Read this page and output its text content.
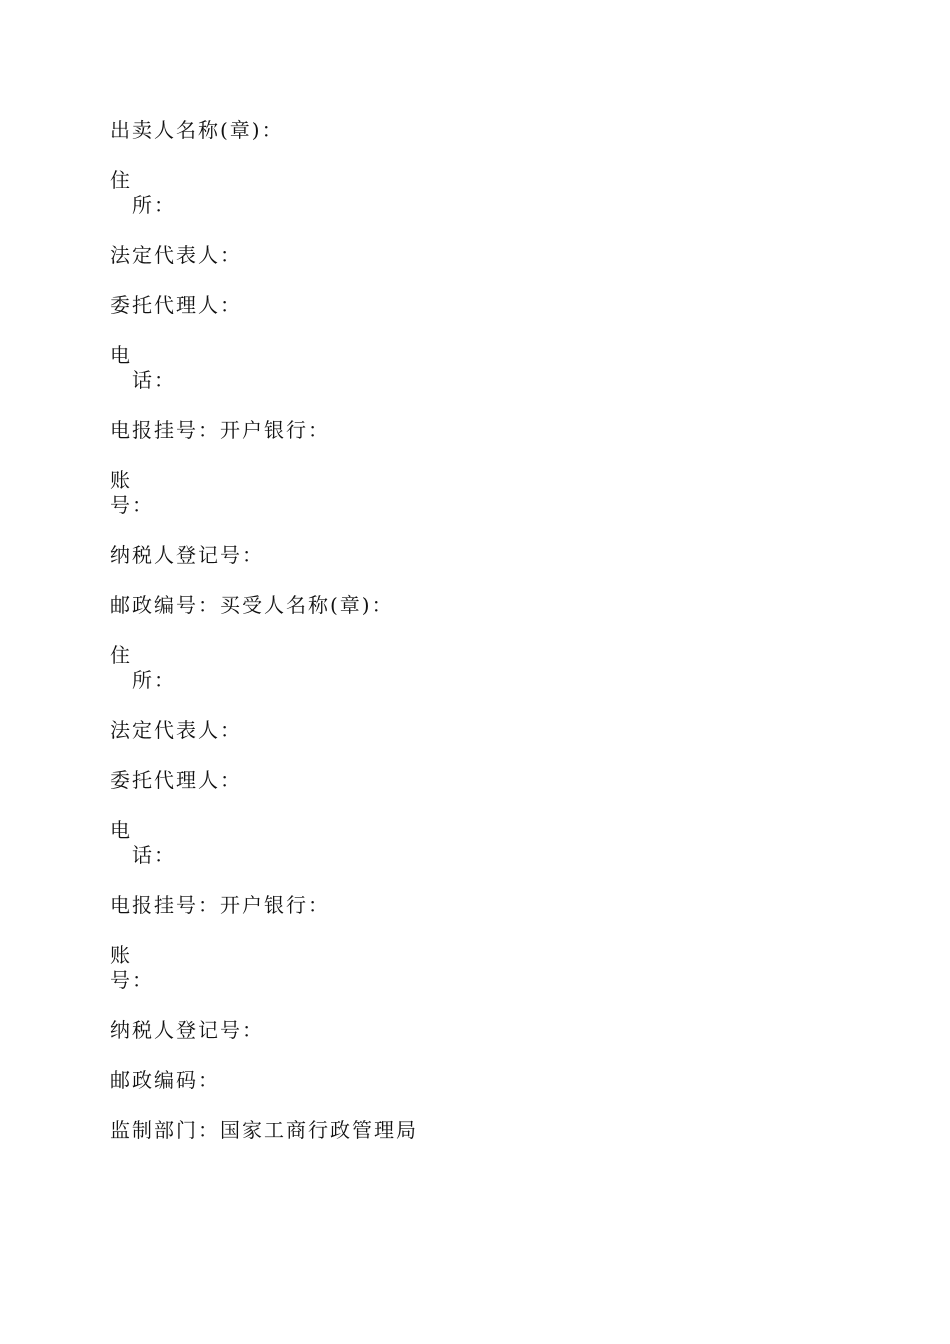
出卖人名称(章)：
住
所：
法定代表人：
委托代理人：
电
话：
电报挂号：开户银行：
账
号：
纳税人登记号：
邮政编号：买受人名称(章)：
住
所：
法定代表人：
委托代理人：
电
话：
电报挂号：开户银行：
账
号：
纳税人登记号：
邮政编码：
监制部门：国家工商行政管理局
